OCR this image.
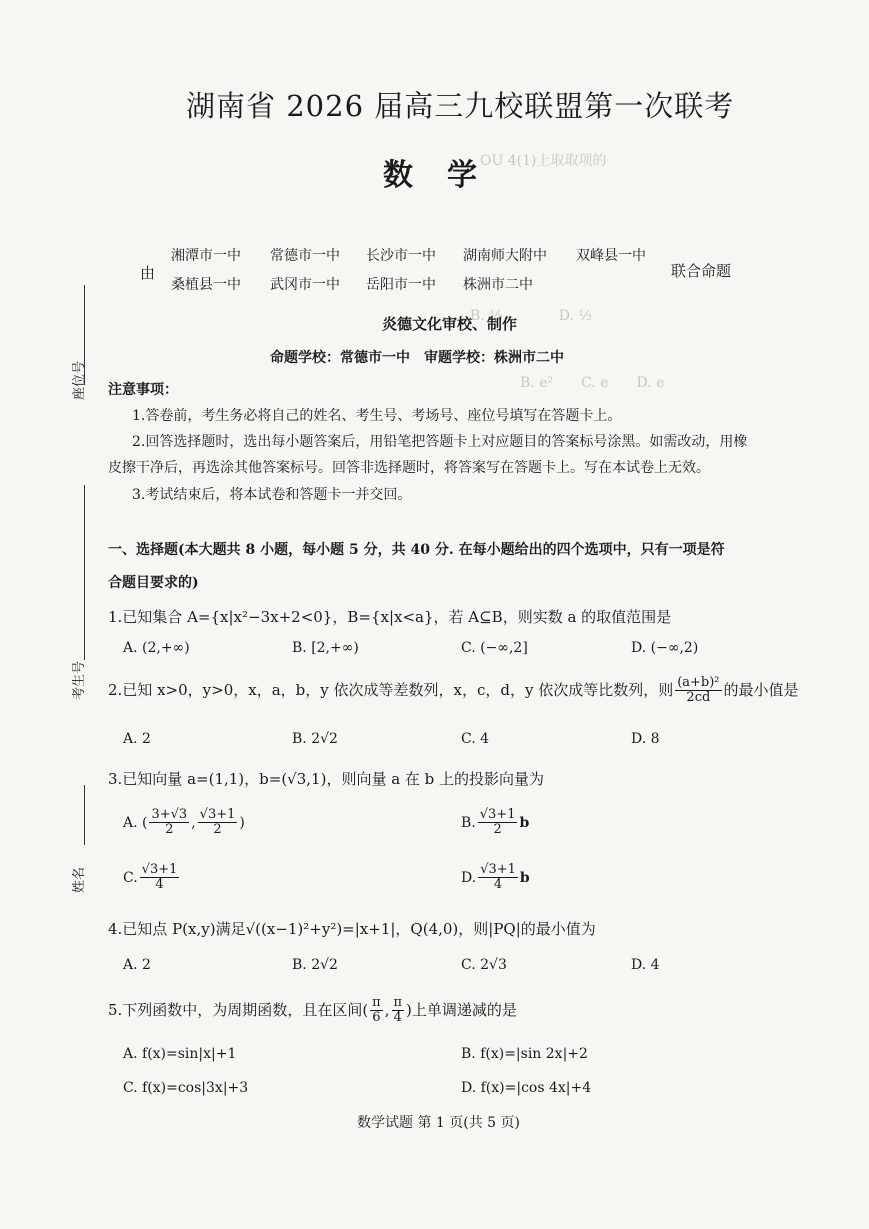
OU 4(1)上取取项的
B. ½　　　　D. ½
B. e²　　C. e　　D. e
湖南省 2026 届高三九校联盟第一次联考
数学
由
湘潭市一中 常德市一中 长沙市一中 湖南师大附中 双峰县一中
桑植县一中 武冈市一中 岳阳市一中 株洲市二中
联合命题
炎德文化审校、制作
命题学校：常德市一中　审题学校：株洲市二中
座位号
考生号
姓名
注意事项：
1.答卷前，考生务必将自己的姓名、考生号、考场号、座位号填写在答题卡上。
2.回答选择题时，选出每小题答案后，用铅笔把答题卡上对应题目的答案标号涂黑。如需改动，用橡
皮擦干净后，再选涂其他答案标号。回答非选择题时，将答案写在答题卡上。写在本试卷上无效。
3.考试结束后，将本试卷和答题卡一并交回。
一、选择题(本大题共 8 小题，每小题 5 分，共 40 分. 在每小题给出的四个选项中，只有一项是符
合题目要求的)
1.已知集合 A={x|x²−3x+2<0}，B={x|x<a}，若 A⊆B，则实数 a 的取值范围是
A. (2,+∞)	B. [2,+∞)	C. (−∞,2]	D. (−∞,2)
2.已知 x>0，y>0，x，a，b，y 依次成等差数列，x，c，d，y 依次成等比数列，则 $\frac{\text{(a+b)²}}{2cd}$ 的最小值是
A. 2	B. 2√2	C. 4	D. 8
3.已知向量 a=(1,1)，b=(√3,1)，则向量 a 在 b 上的投影向量为
A. ( $\frac{3+√3}{2}$ , $\frac{√3+1}{2}$ )	B. $\frac{√3+1}{2}$ b
C. $\frac{√3+1}{4}$	D. $\frac{√3+1}{4}$ b
4.已知点 P(x,y)满足√((x−1)²+y²)=|x+1|，Q(4,0)，则|PQ|的最小值为
A. 2	B. 2√2	C. 2√3	D. 4
5.下列函数中，为周期函数，且在区间( $\frac{\pi}{6}$ , $\frac{\pi}{4}$ )上单调递减的是
A. f(x)=sin|x|+1	B. f(x)=|sin 2x|+2
C. f(x)=cos|3x|+3	D. f(x)=|cos 4x|+4
数学试题 第 1 页(共 5 页)
